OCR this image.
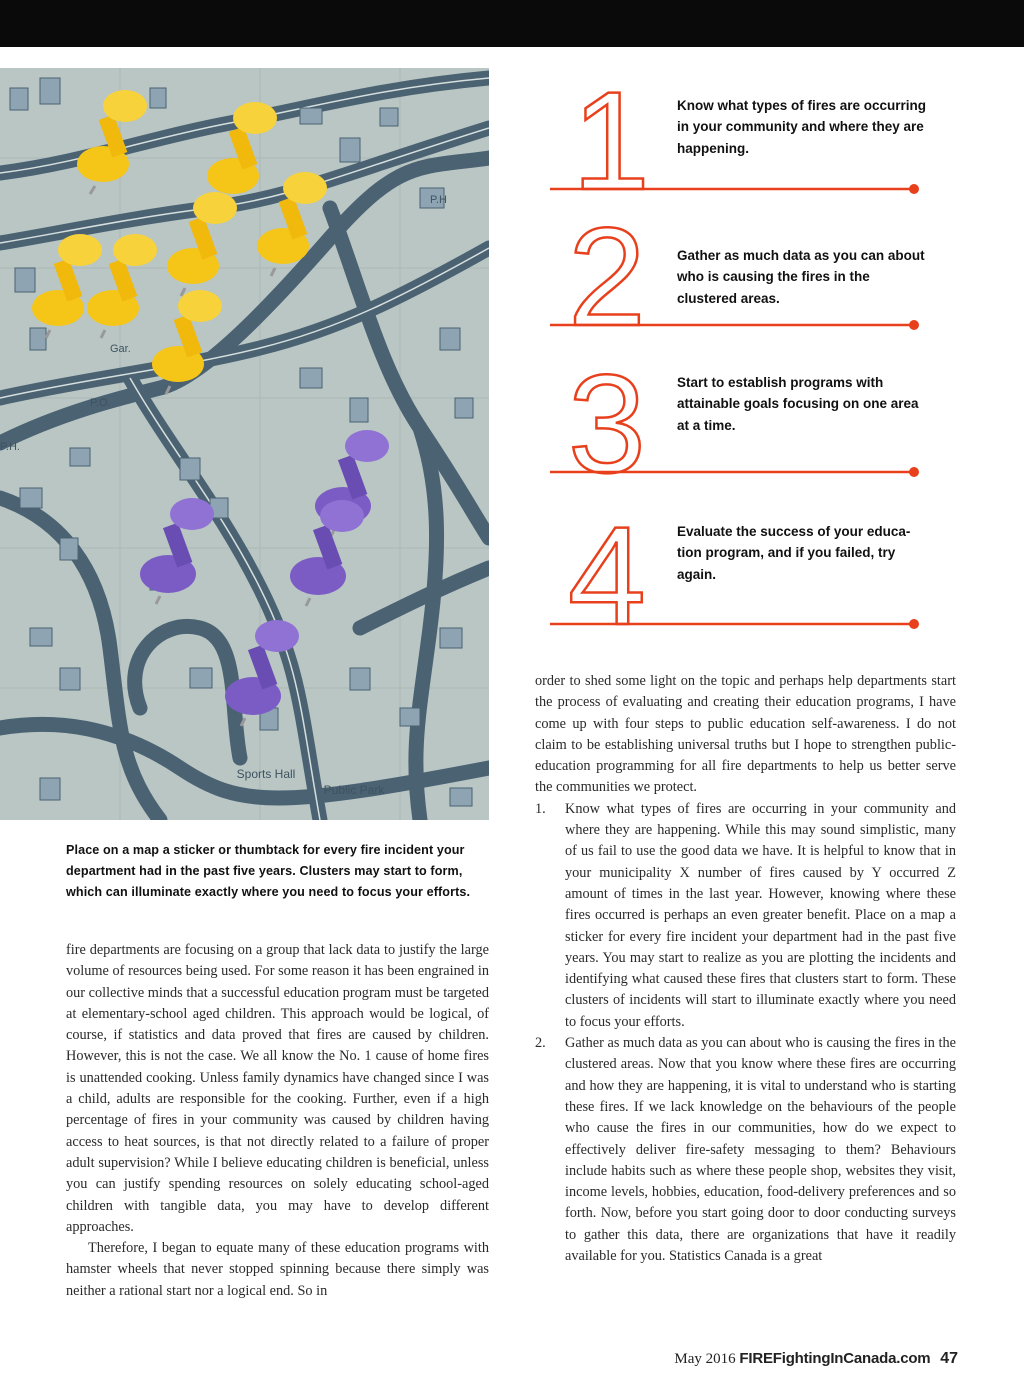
Gar.
P.O.
P.H.
P.H
Sports Hall
Public Park
Place on a map a sticker or thumbtack for every fire incident your department had in the past five years. Clusters may start to form, which can illuminate exactly where you need to focus your efforts.
1
2
3
4
Know what types of fires are occurring in your community and where they are happening.
Gather as much data as you can about who is causing the fires in the clustered areas.
Start to establish programs with attainable goals focusing on one area at a time.
Evaluate the success of your educa-tion program, and if you failed, try again.

fire departments are focusing on a group that lack data to justify the large volume of resources being used. For some reason it has been engrained in our collective minds that a successful education program must be targeted at elementary-school aged children. This approach would be logical, of course, if statistics and data proved that fires are caused by children. However, this is not the case. We all know the No. 1 cause of home fires is unattended cooking. Unless family dynamics have changed since I was a child, adults are responsible for the cooking. Further, even if a high percentage of fires in your community was caused by children having access to heat sources, is that not directly related to a failure of proper adult supervision? While I believe educating children is beneficial, unless you can justify spending resources on solely educating school-aged children with tangible data, you may have to develop different approaches.

Therefore, I began to equate many of these education programs with hamster wheels that never stopped spinning because there simply was neither a rational start nor a logical end. So in

order to shed some light on the topic and perhaps help departments start the process of evaluating and creating their education programs, I have come up with four steps to public education self-awareness. I do not claim to be establishing universal truths but I hope to strengthen public-education programming for all fire departments to help us better serve the communities we protect.

1. Know what types of fires are occurring in your community and where they are happening. While this may sound simplistic, many of us fail to use the good data we have. It is helpful to know that in your municipality X number of fires caused by Y occurred Z amount of times in the last year. However, knowing where these fires occurred is perhaps an even greater benefit. Place on a map a sticker for every fire incident your department had in the past five years. You may start to realize as you are plotting the incidents and identifying what caused these fires that clusters start to form. These clusters of incidents will start to illuminate exactly where you need to focus your efforts.

2. Gather as much data as you can about who is causing the fires in the clustered areas. Now that you know where these fires are occurring and how they are happening, it is vital to understand who is starting these fires. If we lack knowledge on the behaviours of the people who cause the fires in our communities, how do we expect to effectively deliver fire-safety messaging to them? Behaviours include habits such as where these people shop, websites they visit, income levels, hobbies, education, food-delivery preferences and so forth. Now, before you start going door to door conducting surveys to gather this data, there are organizations that have it readily available for you. Statistics Canada is a great

May 2016 FIREFightingInCanada.com 47
